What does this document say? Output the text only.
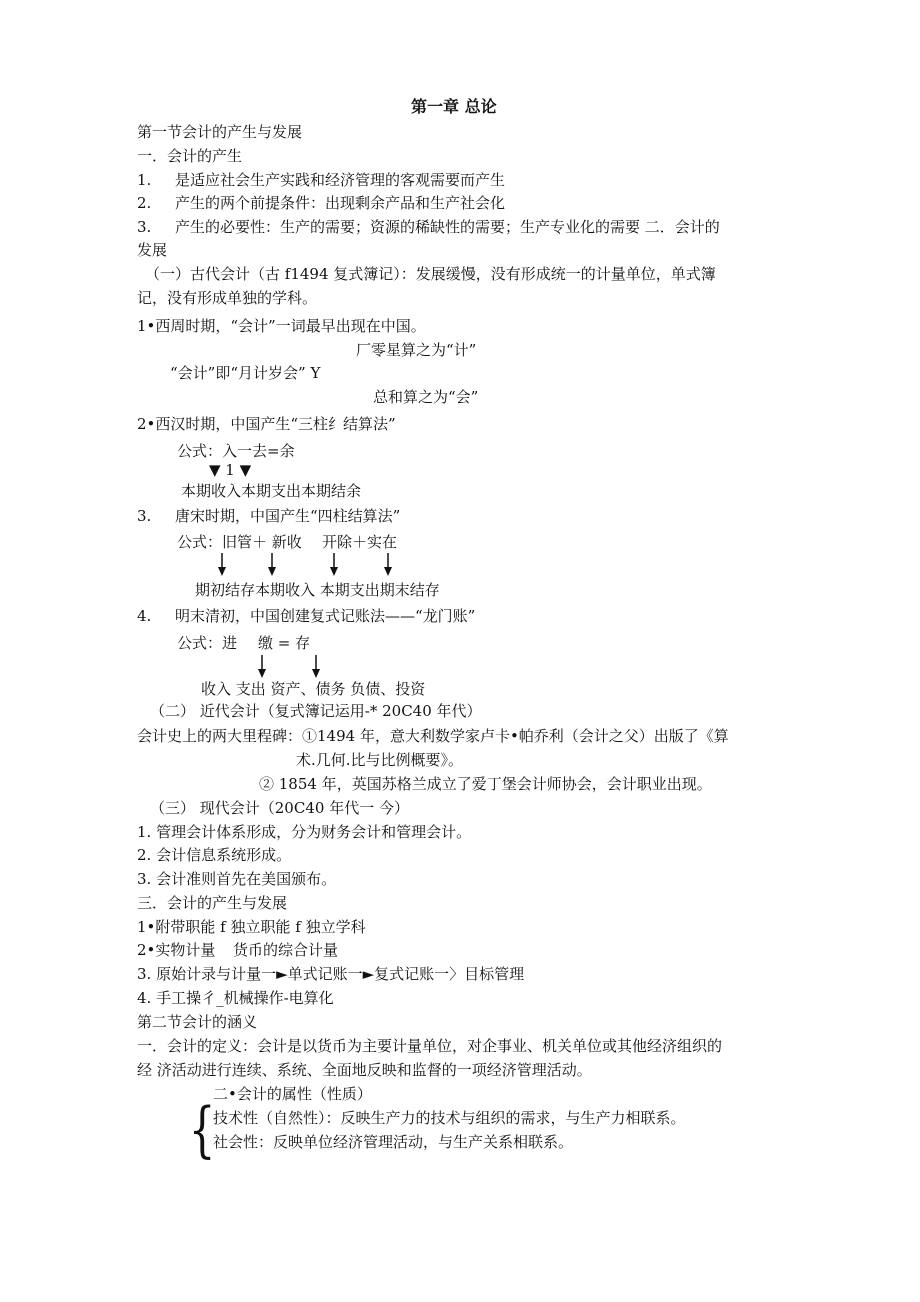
第一章 总论
第一节会计的产生与发展
一．会计的产生
1. 是适应社会生产实践和经济管理的客观需要而产生
2. 产生的两个前提条件：出现剩余产品和生产社会化
3. 产生的必要性：生产的需要；资源的稀缺性的需要；生产专业化的需要 二．会计的
发展
（一）古代会计（古 f1494 复式簿记）：发展缓慢，没有形成统一的计量单位，单式簿
记，没有形成单独的学科。
1•西周时期，“会计”一词最早出现在中国。
厂零星算之为“计”
“会计”即“月计岁会” Y
总和算之为“会”
2•西汉时期，中国产生“三柱纟结算法”
公式：入一去=余
▼ 1 ▼
本期收入本期支出本期结余
3. 唐宋时期，中国产生“四柱结算法”
公式：旧管＋ 新收 开除＋实在
期初结存本期收入 本期支出期末结存
4. 明末清初，中国创建复式记账法——“龙门账”
公式：进 缴 = 存
收入 支出 资产、债务 负债、投资
（二） 近代会计（复式簿记运用-* 20C40 年代）
会计史上的两大里程碑：①1494 年，意大利数学家卢卡•帕乔利（会计之父）出版了《算
术.几何.比与比例概要》。
② 1854 年，英国苏格兰成立了爱丁堡会计师协会，会计职业出现。
（三） 现代会计（20C40 年代一 今）
1. 管理会计体系形成，分为财务会计和管理会计。
2. 会计信息系统形成。
3. 会计准则首先在美国颁布。
三．会计的产生与发展
1•附带职能 f 独立职能 f 独立学科
2•实物计量 货币的综合计量
3. 原始计录与计量一►单式记账一►复式记账一〉目标管理
4. 手工操彳_机械操作-电算化
第二节会计的涵义
一．会计的定义：会计是以货币为主要计量单位，对企事业、机关单位或其他经济组织的
经 济活动进行连续、系统、全面地反映和监督的一项经济管理活动。
二•会计的属性（性质）
{
技术性（自然性）：反映生产力的技术与组织的需求，与生产力相联系。
社会性：反映单位经济管理活动，与生产关系相联系。
